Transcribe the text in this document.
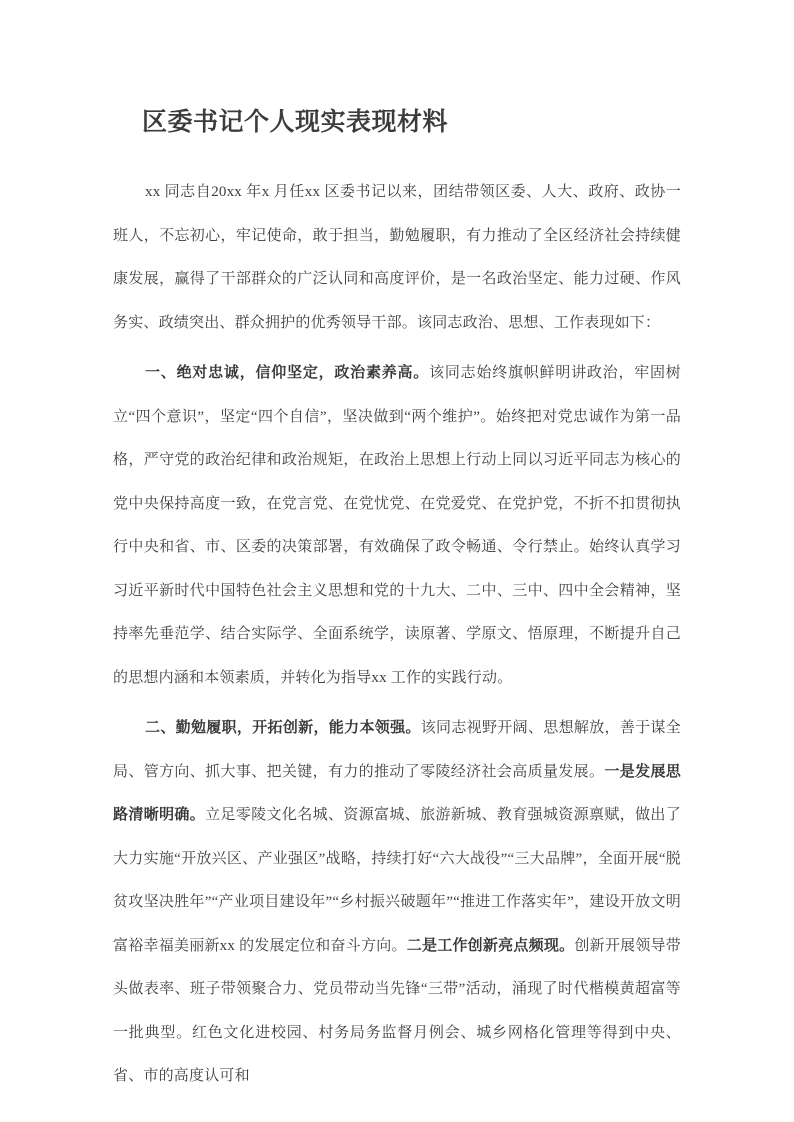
区委书记个人现实表现材料

xx 同志自20xx 年x 月任xx 区委书记以来，团结带领区委、人大、政府、政协一班人，不忘初心，牢记使命，敢于担当，勤勉履职，有力推动了全区经济社会持续健康发展，赢得了干部群众的广泛认同和高度评价，是一名政治坚定、能力过硬、作风务实、政绩突出、群众拥护的优秀领导干部。该同志政治、思想、工作表现如下：

一、绝对忠诚，信仰坚定，政治素养高。该同志始终旗帜鲜明讲政治，牢固树立“四个意识”，坚定“四个自信”，坚决做到“两个维护”。始终把对党忠诚作为第一品格，严守党的政治纪律和政治规矩，在政治上思想上行动上同以习近平同志为核心的党中央保持高度一致，在党言党、在党忧党、在党爱党、在党护党，不折不扣贯彻执行中央和省、市、区委的决策部署，有效确保了政令畅通、令行禁止。始终认真学习习近平新时代中国特色社会主义思想和党的十九大、二中、三中、四中全会精神，坚持率先垂范学、结合实际学、全面系统学，读原著、学原文、悟原理，不断提升自己的思想内涵和本领素质，并转化为指导xx 工作的实践行动。

二、勤勉履职，开拓创新，能力本领强。该同志视野开阔、思想解放，善于谋全局、管方向、抓大事、把关键，有力的推动了零陵经济社会高质量发展。一是发展思路清晰明确。立足零陵文化名城、资源富城、旅游新城、教育强城资源禀赋，做出了大力实施“开放兴区、产业强区”战略，持续打好“六大战役”“三大品牌”，全面开展“脱贫攻坚决胜年”“产业项目建设年”“乡村振兴破题年”“推进工作落实年”，建设开放文明富裕幸福美丽新xx 的发展定位和奋斗方向。二是工作创新亮点频现。创新开展领导带头做表率、班子带领聚合力、党员带动当先锋“三带”活动，涌现了时代楷模黄超富等一批典型。红色文化进校园、村务局务监督月例会、城乡网格化管理等得到中央、省、市的高度认可和
